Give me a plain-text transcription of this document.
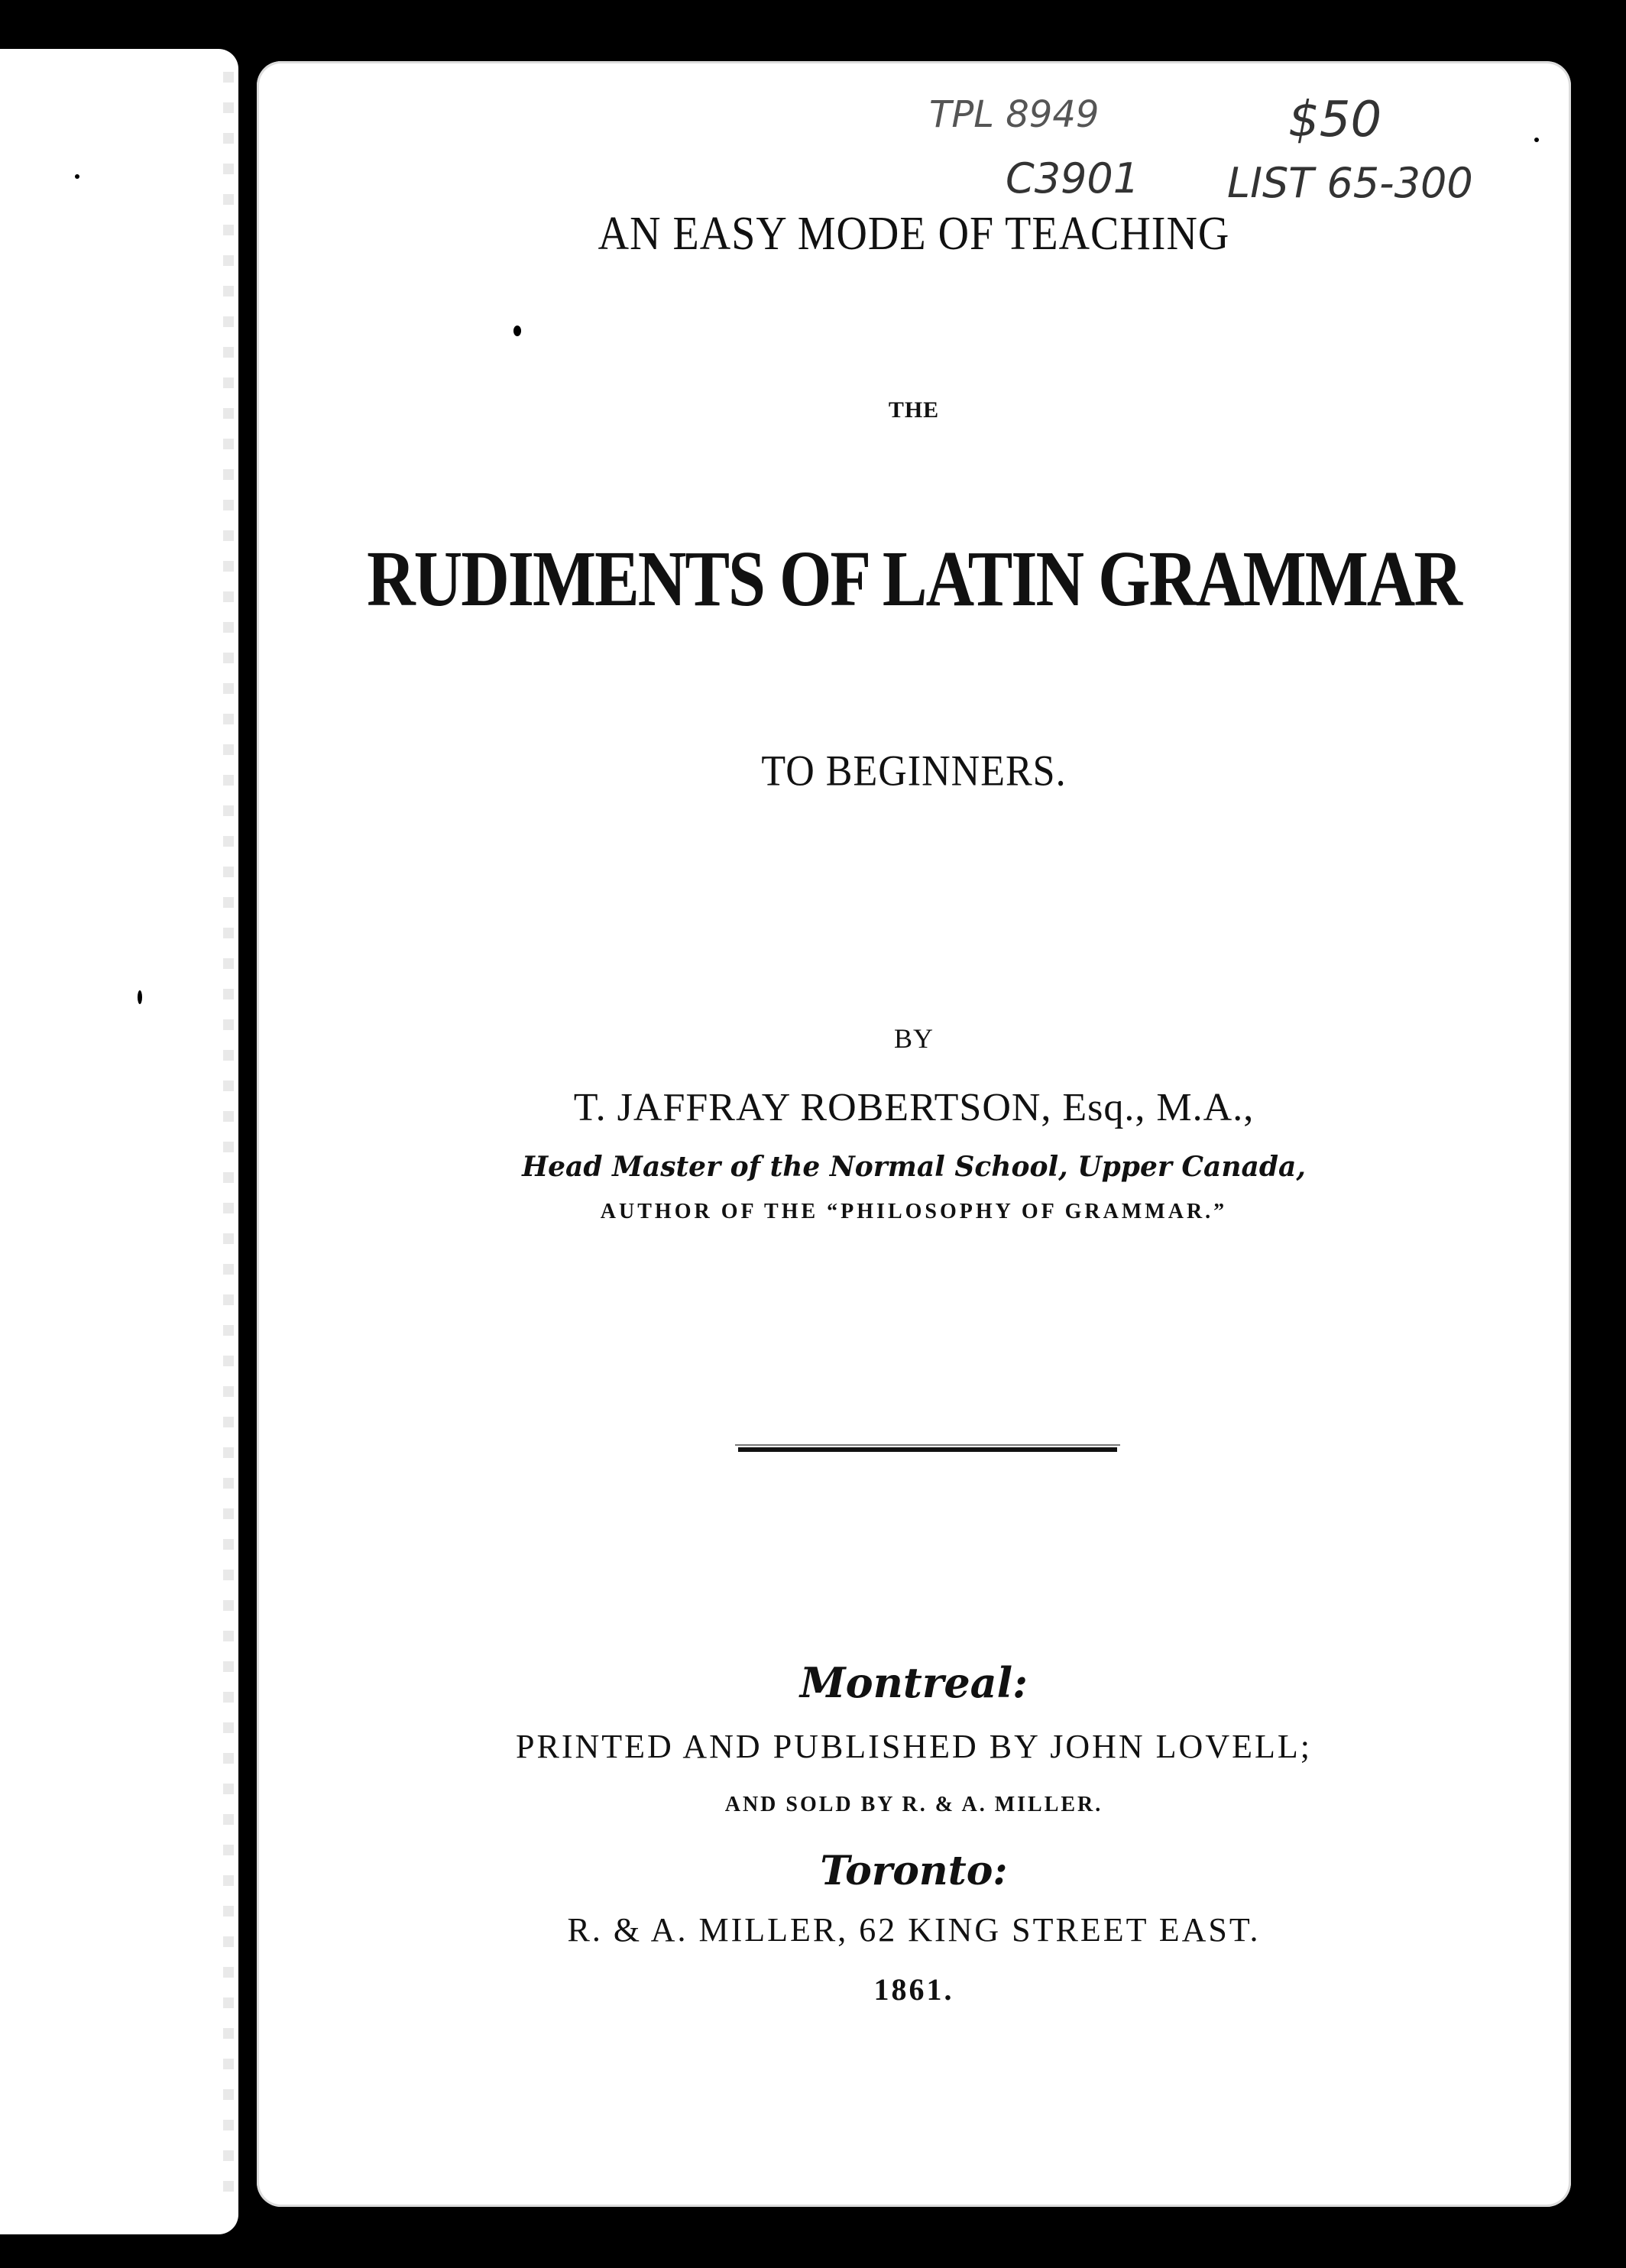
TPL 8949	$50
C3901 LIST 65-300
AN EASY MODE OF TEACHING
THE
RUDIMENTS OF LATIN GRAMMAR
TO BEGINNERS.
BY
T. JAFFRAY ROBERTSON, Esq., M.A.,
Head Master of the Normal School, Upper Canada,
AUTHOR OF THE “PHILOSOPHY OF GRAMMAR.”
Montreal:
PRINTED AND PUBLISHED BY JOHN LOVELL;
AND SOLD BY R. & A. MILLER.
Toronto:
R. & A. MILLER, 62 KING STREET EAST.
1861.
